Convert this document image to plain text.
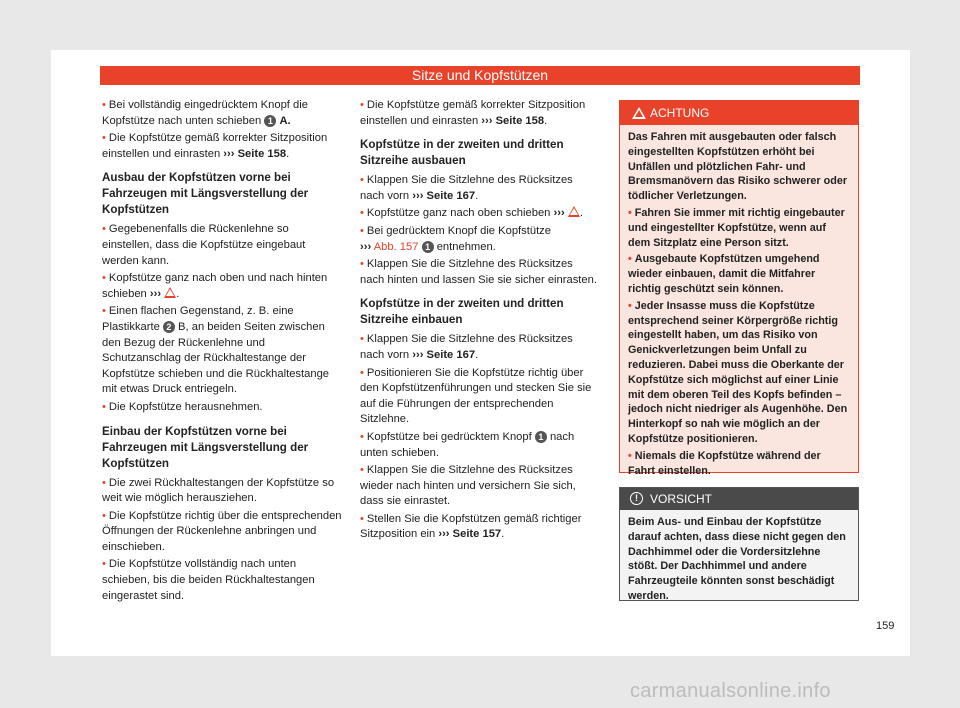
Sitze und Kopfstützen

• Bei vollständig eingedrücktem Knopf die Kopfstütze nach unten schieben 1 A.

• Die Kopfstütze gemäß korrekter Sitzposition einstellen und einrasten ››› Seite 158.

Ausbau der Kopfstützen vorne bei Fahrzeugen mit Längsverstellung der Kopfstützen

• Gegebenenfalls die Rückenlehne so einstellen, dass die Kopfstütze eingebaut werden kann.

• Kopfstütze ganz nach oben und nach hinten schieben ››› .

• Einen flachen Gegenstand, z. B. eine Plastikkarte 2 B, an beiden Seiten zwischen den Bezug der Rückenlehne und Schutzanschlag der Rückhaltestange der Kopfstütze schieben und die Rückhaltestange mit etwas Druck entriegeln.

• Die Kopfstütze herausnehmen.

Einbau der Kopfstützen vorne bei Fahrzeugen mit Längsverstellung der Kopfstützen

• Die zwei Rückhaltestangen der Kopfstütze so weit wie möglich herausziehen.

• Die Kopfstütze richtig über die entsprechenden Öffnungen der Rückenlehne anbringen und einschieben.

• Die Kopfstütze vollständig nach unten schieben, bis die beiden Rückhaltestangen eingerastet sind.

• Die Kopfstütze gemäß korrekter Sitzposition einstellen und einrasten ››› Seite 158.

Kopfstütze in der zweiten und dritten Sitzreihe ausbauen

• Klappen Sie die Sitzlehne des Rücksitzes nach vorn ››› Seite 167.

• Kopfstütze ganz nach oben schieben ››› .

• Bei gedrücktem Knopf die Kopfstütze
››› Abb. 157 1 entnehmen.

• Klappen Sie die Sitzlehne des Rücksitzes nach hinten und lassen Sie sie sicher einrasten.

Kopfstütze in der zweiten und dritten Sitzreihe einbauen

• Klappen Sie die Sitzlehne des Rücksitzes nach vorn ››› Seite 167.

• Positionieren Sie die Kopfstütze richtig über den Kopfstützenführungen und stecken Sie sie auf die Führungen der entsprechenden Sitzlehne.

• Kopfstütze bei gedrücktem Knopf 1 nach unten schieben.

• Klappen Sie die Sitzlehne des Rücksitzes wieder nach hinten und versichern Sie sich, dass sie einrastet.

• Stellen Sie die Kopfstützen gemäß richtiger Sitzposition ein ››› Seite 157.

ACHTUNG

Das Fahren mit ausgebauten oder falsch eingestellten Kopfstützen erhöht bei Unfällen und plötzlichen Fahr- und Bremsmanövern das Risiko schwerer oder tödlicher Verletzungen.

• Fahren Sie immer mit richtig eingebauter und eingestellter Kopfstütze, wenn auf dem Sitzplatz eine Person sitzt.

• Ausgebaute Kopfstützen umgehend wieder einbauen, damit die Mitfahrer richtig geschützt sein können.

• Jeder Insasse muss die Kopfstütze entsprechend seiner Körpergröße richtig eingestellt haben, um das Risiko von Genickverletzungen beim Unfall zu reduzieren. Dabei muss die Oberkante der Kopfstütze sich möglichst auf einer Linie mit dem oberen Teil des Kopfs befinden – jedoch nicht niedriger als Augenhöhe. Den Hinterkopf so nah wie möglich an der Kopfstütze positionieren.

• Niemals die Kopfstütze während der Fahrt einstellen.

!	VORSICHT

Beim Aus- und Einbau der Kopfstütze darauf achten, dass diese nicht gegen den Dachhimmel oder die Vordersitzlehne stößt. Der Dachhimmel und andere Fahrzeugteile könnten sonst beschädigt werden.

159
carmanualsonline.info
